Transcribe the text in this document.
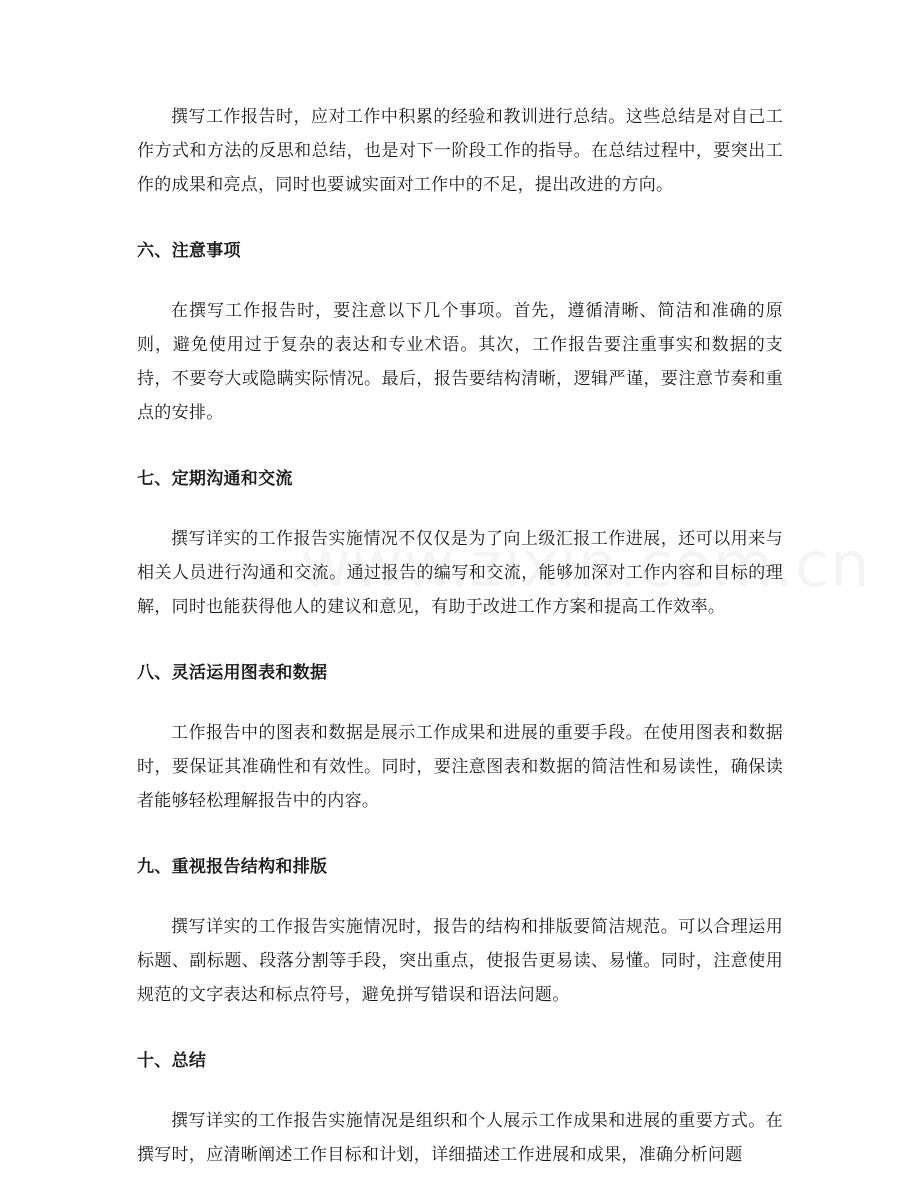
撰写工作报告时，应对工作中积累的经验和教训进行总结。这些总结是对自己工作方式和方法的反思和总结，也是对下一阶段工作的指导。在总结过程中，要突出工作的成果和亮点，同时也要诚实面对工作中的不足，提出改进的方向。

六、注意事项

在撰写工作报告时，要注意以下几个事项。首先，遵循清晰、简洁和准确的原则，避免使用过于复杂的表达和专业术语。其次，工作报告要注重事实和数据的支持，不要夸大或隐瞒实际情况。最后，报告要结构清晰，逻辑严谨，要注意节奏和重点的安排。

七、定期沟通和交流

撰写详实的工作报告实施情况不仅仅是为了向上级汇报工作进展，还可以用来与相关人员进行沟通和交流。通过报告的编写和交流，能够加深对工作内容和目标的理解，同时也能获得他人的建议和意见，有助于改进工作方案和提高工作效率。

八、灵活运用图表和数据

工作报告中的图表和数据是展示工作成果和进展的重要手段。在使用图表和数据时，要保证其准确性和有效性。同时，要注意图表和数据的简洁性和易读性，确保读者能够轻松理解报告中的内容。

九、重视报告结构和排版

撰写详实的工作报告实施情况时，报告的结构和排版要简洁规范。可以合理运用标题、副标题、段落分割等手段，突出重点，使报告更易读、易懂。同时，注意使用规范的文字表达和标点符号，避免拼写错误和语法问题。

十、总结

撰写详实的工作报告实施情况是组织和个人展示工作成果和进展的重要方式。在撰写时，应清晰阐述工作目标和计划，详细描述工作进展和成果，准确分析问题
